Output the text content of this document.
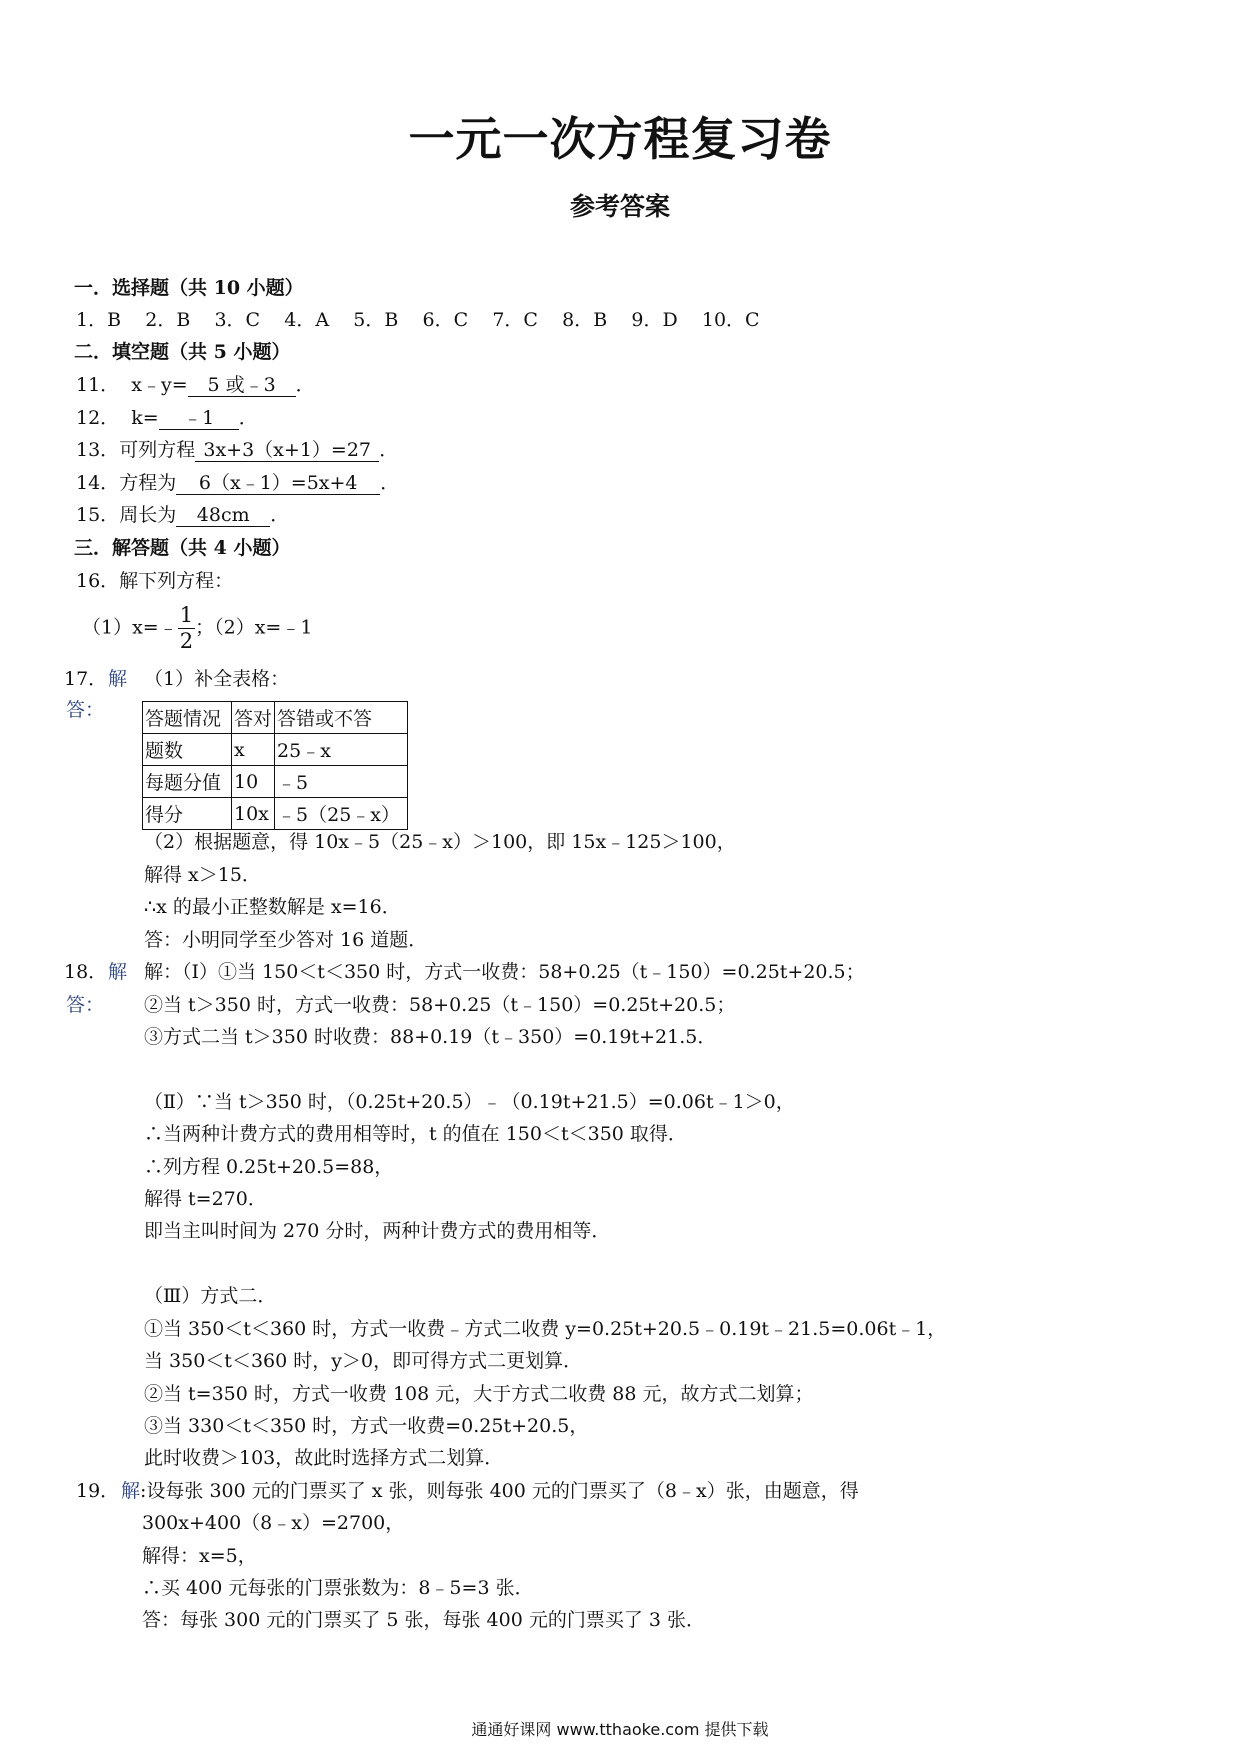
一元一次方程复习卷
参考答案
一．选择题（共 10 小题）
1．B 2．B 3．C 4．A 5．B 6．C 7．C 8．B 9．D 10．C
二．填空题（共 5 小题）
11． x﹣y= 5 或﹣3 ．
12． k= ﹣1 ．
13．可列方程 3x+3（x+1）=27 ．
14．方程为 6（x﹣1）=5x+4 ．
15．周长为 48cm ．
三．解答题（共 4 小题）
16．解下列方程：
（1）x=﹣ $\frac{1}{2}$ ；（2）x=﹣1
17． 解
答：
（1）补全表格：
答题情况	答对	答错或不答
题数	x	25﹣x
每题分值	10	﹣5
得分	10x	﹣5（25﹣x）
（2）根据题意，得 10x﹣5（25﹣x）＞100，即 15x﹣125＞100，
解得 x＞15．
∴x 的最小正整数解是 x=16．
答：小明同学至少答对 16 道题．
18． 解
答：
解：（Ⅰ）①当 150＜t＜350 时，方式一收费：58+0.25（t﹣150）=0.25t+20.5；
②当 t＞350 时，方式一收费：58+0.25（t﹣150）=0.25t+20.5；
③方式二当 t＞350 时收费：88+0.19（t﹣350）=0.19t+21.5．
（Ⅱ）∵当 t＞350 时，（0.25t+20.5）﹣（0.19t+21.5）=0.06t﹣1＞0，
∴当两种计费方式的费用相等时，t 的值在 150＜t＜350 取得．
∴列方程 0.25t+20.5=88，
解得 t=270．
即当主叫时间为 270 分时，两种计费方式的费用相等．
（Ⅲ）方式二．
①当 350＜t＜360 时，方式一收费﹣方式二收费 y=0.25t+20.5﹣0.19t﹣21.5=0.06t﹣1，
当 350＜t＜360 时，y＞0，即可得方式二更划算．
②当 t=350 时，方式一收费 108 元，大于方式二收费 88 元，故方式二划算；
③当 330＜t＜350 时，方式一收费=0.25t+20.5，
此时收费＞103，故此时选择方式二划算．
19． 解:设每张 300 元的门票买了 x 张，则每张 400 元的门票买了（8﹣x）张，由题意，得
300x+400（8﹣x）=2700，
解得：x=5，
∴买 400 元每张的门票张数为：8﹣5=3 张．
答：每张 300 元的门票买了 5 张，每张 400 元的门票买了 3 张．
通通好课网 www.tthaoke.com 提供下载
